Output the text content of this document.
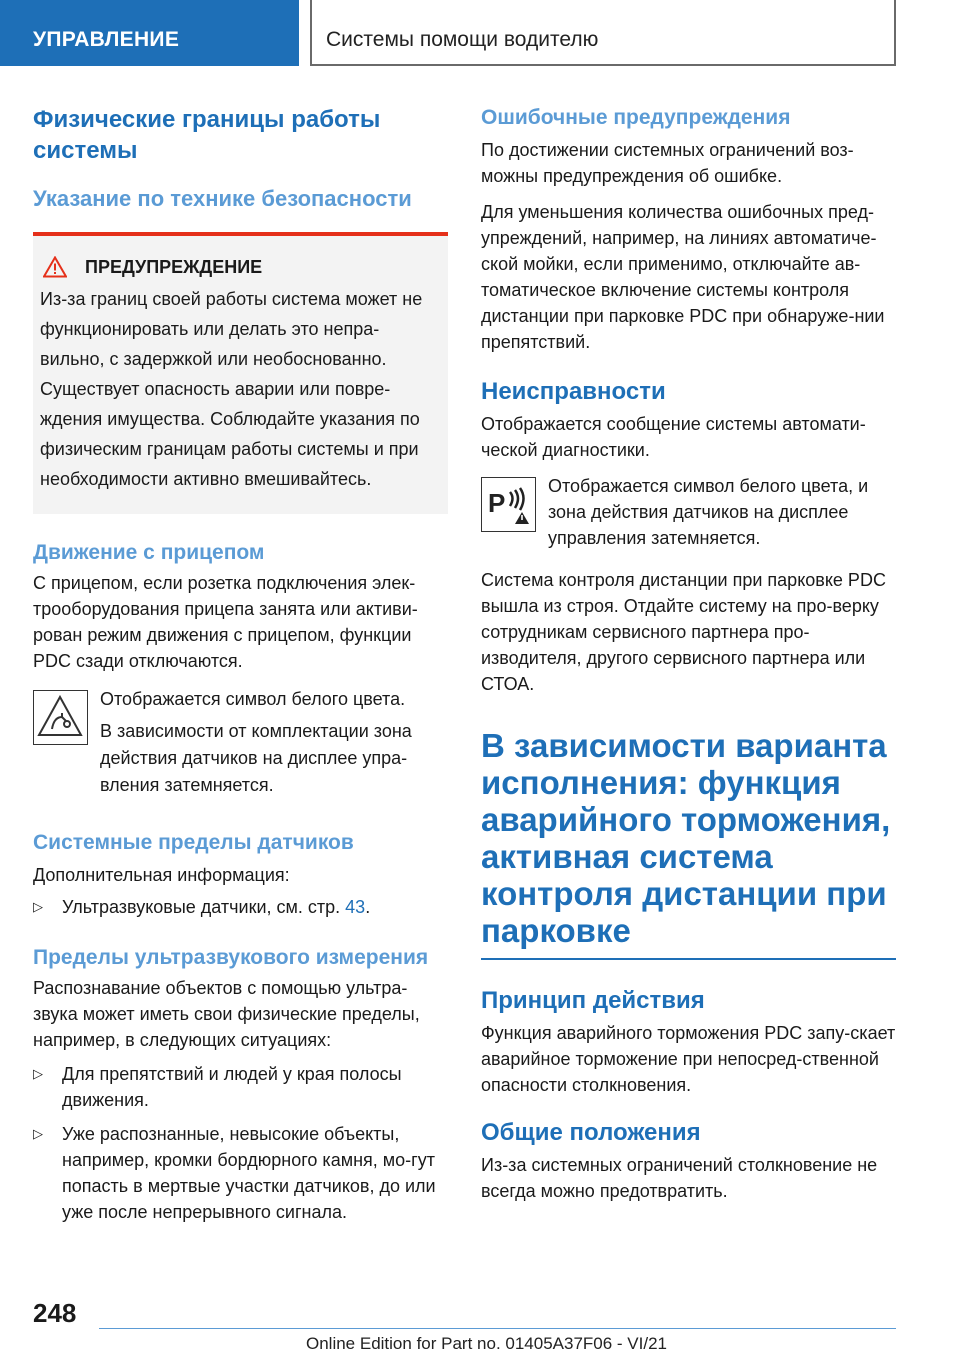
УПРАВЛЕНИЕ	Системы помощи водителю
Физические границы работы системы
Указание по технике безопасности
ПРЕДУПРЕЖДЕНИЕ

Из-за границ своей работы система может не функционировать или делать это непра-вильно, с задержкой или необоснованно. Существует опасность аварии или повре-ждения имущества. Соблюдайте указания по физическим границам работы системы и при необходимости активно вмешивайтесь.

Движение с прицепом

С прицепом, если розетка подключения элек-трооборудования прицепа занята или активи-рован режим движения с прицепом, функции PDC сзади отключаются.

Отображается символ белого цвета.

В зависимости от комплектации зона действия датчиков на дисплее упра-вления затемняется.

Системные пределы датчиков

Дополнительная информация:

▷ Ультразвуковые датчики, см. стр. 43.
Пределы ультразвукового измерения

Распознавание объектов с помощью ультра-звука может иметь свои физические пределы, например, в следующих ситуациях:

▷ Для препятствий и людей у края полосы движения.
▷ Уже распознанные, невысокие объекты, например, кромки бордюрного камня, мо-гут попасть в мертвые участки датчиков, до или уже после непрерывного сигнала.
Ошибочные предупреждения

По достижении системных ограничений воз-можны предупреждения об ошибке.

Для уменьшения количества ошибочных пред-упреждений, например, на линиях автоматиче-ской мойки, если применимо, отключайте ав-томатическое включение системы контроля дистанции при парковке PDC при обнаруже-нии препятствий.

Неисправности

Отображается сообщение системы автомати-ческой диагностики.

P

Отображается символ белого цвета, и зона действия датчиков на дисплее управления затемняется.

Система контроля дистанции при парковке PDC вышла из строя. Отдайте систему на про-верку сотрудникам сервисного партнера про-изводителя, другого сервисного партнера или СТОА.

В зависимости варианта исполнения: функция аварийного торможения, активная система контроля дистанции при парковке
Принцип действия

Функция аварийного торможения PDC запу-скает аварийное торможение при непосред-ственной опасности столкновения.

Общие положения

Из-за системных ограничений столкновение не всегда можно предотвратить.

248
Online Edition for Part no. 01405A37F06 - VI/21
